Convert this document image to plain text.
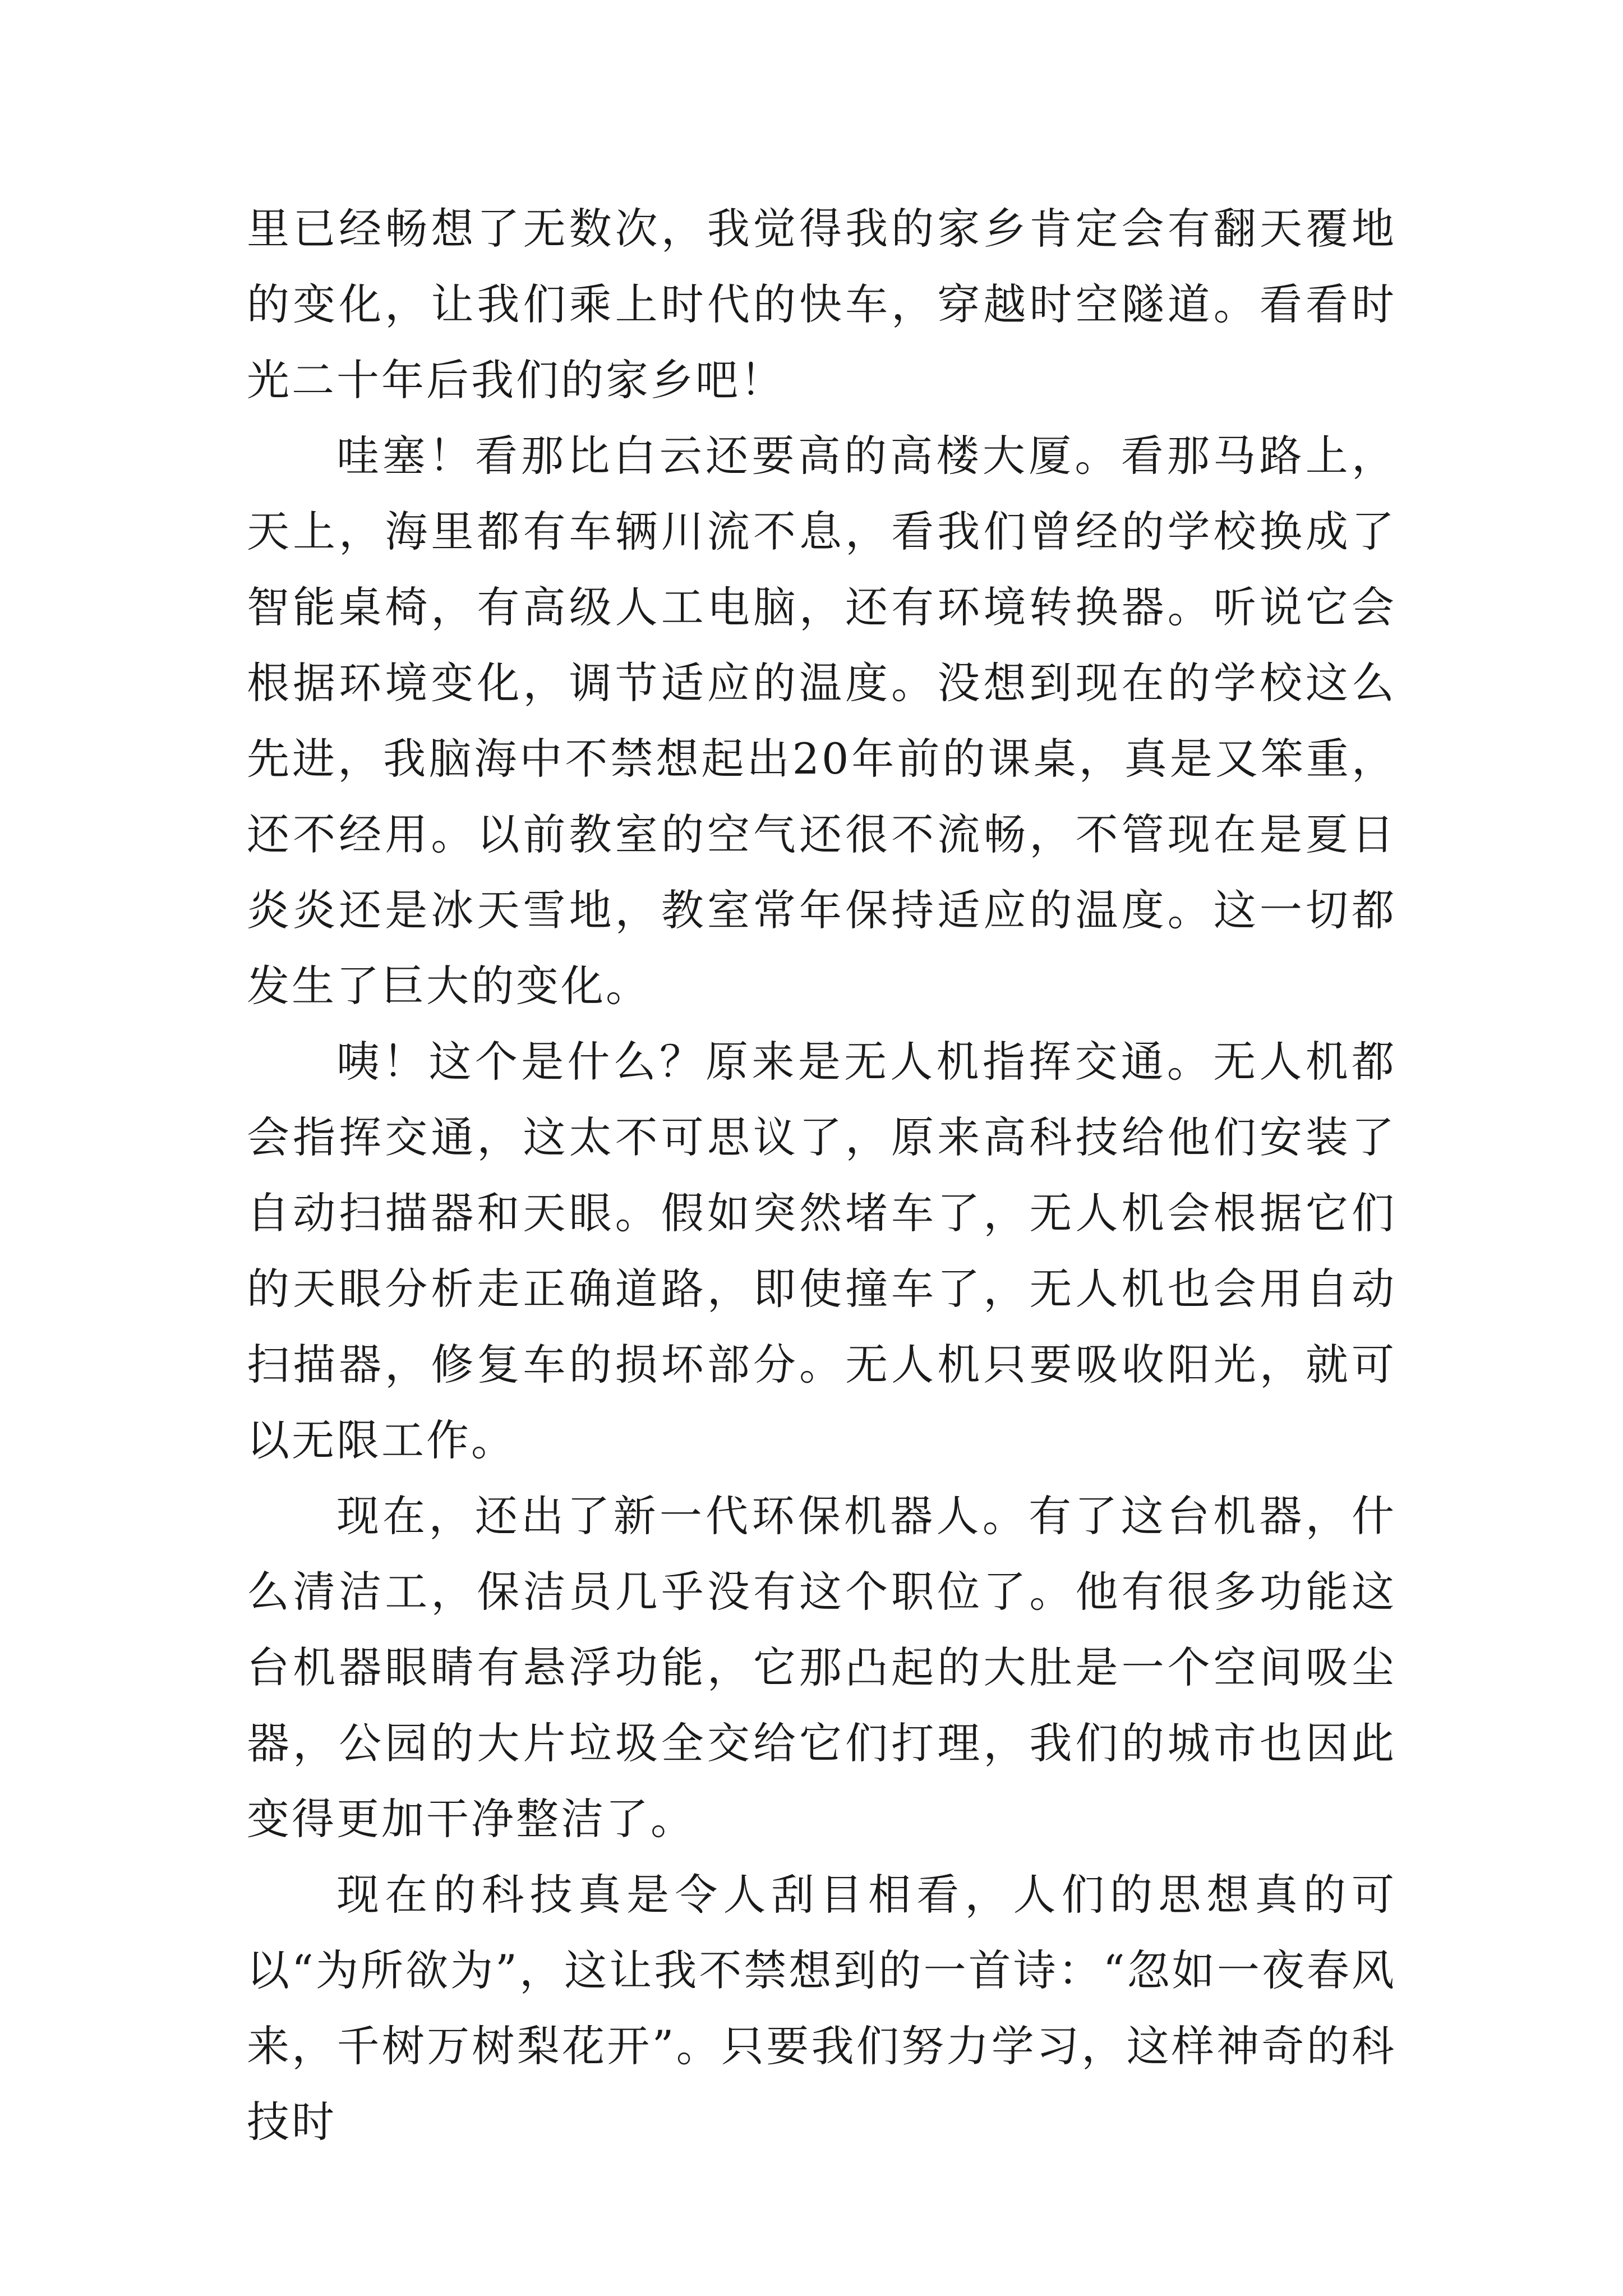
里已经畅想了无数次，我觉得我的家乡肯定会有翻天覆地的变化，让我们乘上时代的快车，穿越时空隧道。看看时光二十年后我们的家乡吧！

哇塞！看那比白云还要高的高楼大厦。看那马路上，天上，海里都有车辆川流不息，看我们曾经的学校换成了智能桌椅，有高级人工电脑，还有环境转换器。听说它会根据环境变化，调节适应的温度。没想到现在的学校这么先进，我脑海中不禁想起出20年前的课桌，真是又笨重，还不经用。以前教室的空气还很不流畅，不管现在是夏日炎炎还是冰天雪地，教室常年保持适应的温度。这一切都发生了巨大的变化。

咦！这个是什么？原来是无人机指挥交通。无人机都会指挥交通，这太不可思议了，原来高科技给他们安装了自动扫描器和天眼。假如突然堵车了，无人机会根据它们的天眼分析走正确道路，即使撞车了，无人机也会用自动扫描器，修复车的损坏部分。无人机只要吸收阳光，就可以无限工作。

现在，还出了新一代环保机器人。有了这台机器，什么清洁工，保洁员几乎没有这个职位了。他有很多功能这台机器眼睛有悬浮功能，它那凸起的大肚是一个空间吸尘器，公园的大片垃圾全交给它们打理，我们的城市也因此变得更加干净整洁了。

现在的科技真是令人刮目相看，人们的思想真的可以“为所欲为”，这让我不禁想到的一首诗：“忽如一夜春风来，千树万树梨花开”。只要我们努力学习，这样神奇的科技时
